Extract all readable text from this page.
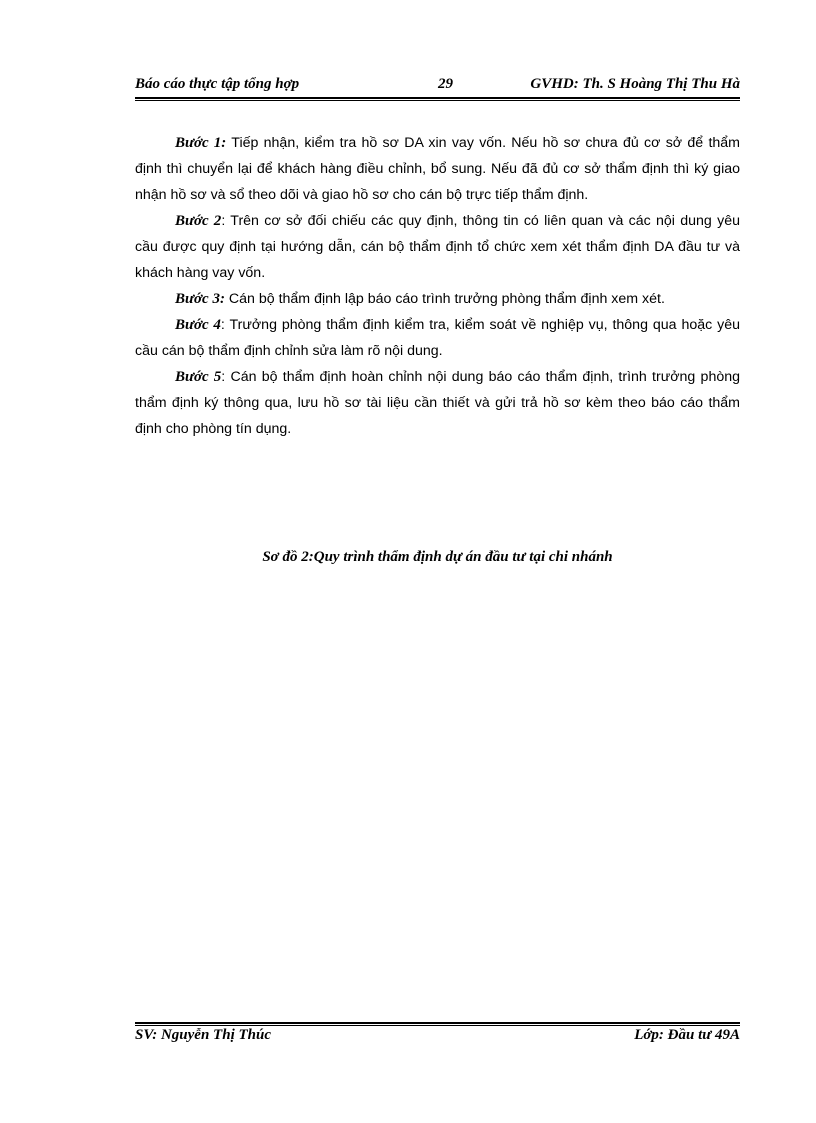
Báo cáo thực tập tổng hợp	29	GVHD: Th. S Hoàng Thị Thu Hà

Bước 1: Tiếp nhận, kiểm tra hồ sơ DA xin vay vốn. Nếu hồ sơ chưa đủ cơ sở để thẩm định thì chuyển lại để khách hàng điều chỉnh, bổ sung. Nếu đã đủ cơ sở thẩm định thì ký giao nhận hồ sơ và sổ theo dõi và giao hồ sơ cho cán bộ trực tiếp thẩm định.

Bước 2: Trên cơ sở đối chiếu các quy định, thông tin có liên quan và các nội dung yêu cầu được quy định tại hướng dẫn, cán bộ thẩm định tổ chức xem xét thẩm định DA đầu tư và khách hàng vay vốn.

Bước 3: Cán bộ thẩm định lập báo cáo trình trưởng phòng thẩm định xem xét.

Bước 4: Trưởng phòng thẩm định kiểm tra, kiểm soát về nghiệp vụ, thông qua hoặc yêu cầu cán bộ thẩm định chỉnh sửa làm rõ nội dung.

Bước 5: Cán bộ thẩm định hoàn chỉnh nội dung báo cáo thẩm định, trình trưởng phòng thẩm định ký thông qua, lưu hồ sơ tài liệu cần thiết và gửi trả hồ sơ kèm theo báo cáo thẩm định cho phòng tín dụng.

Sơ đồ 2:Quy trình thẩm định dự án đầu tư tại chi nhánh
SV: Nguyễn Thị Thúc	Lớp: Đầu tư 49A
